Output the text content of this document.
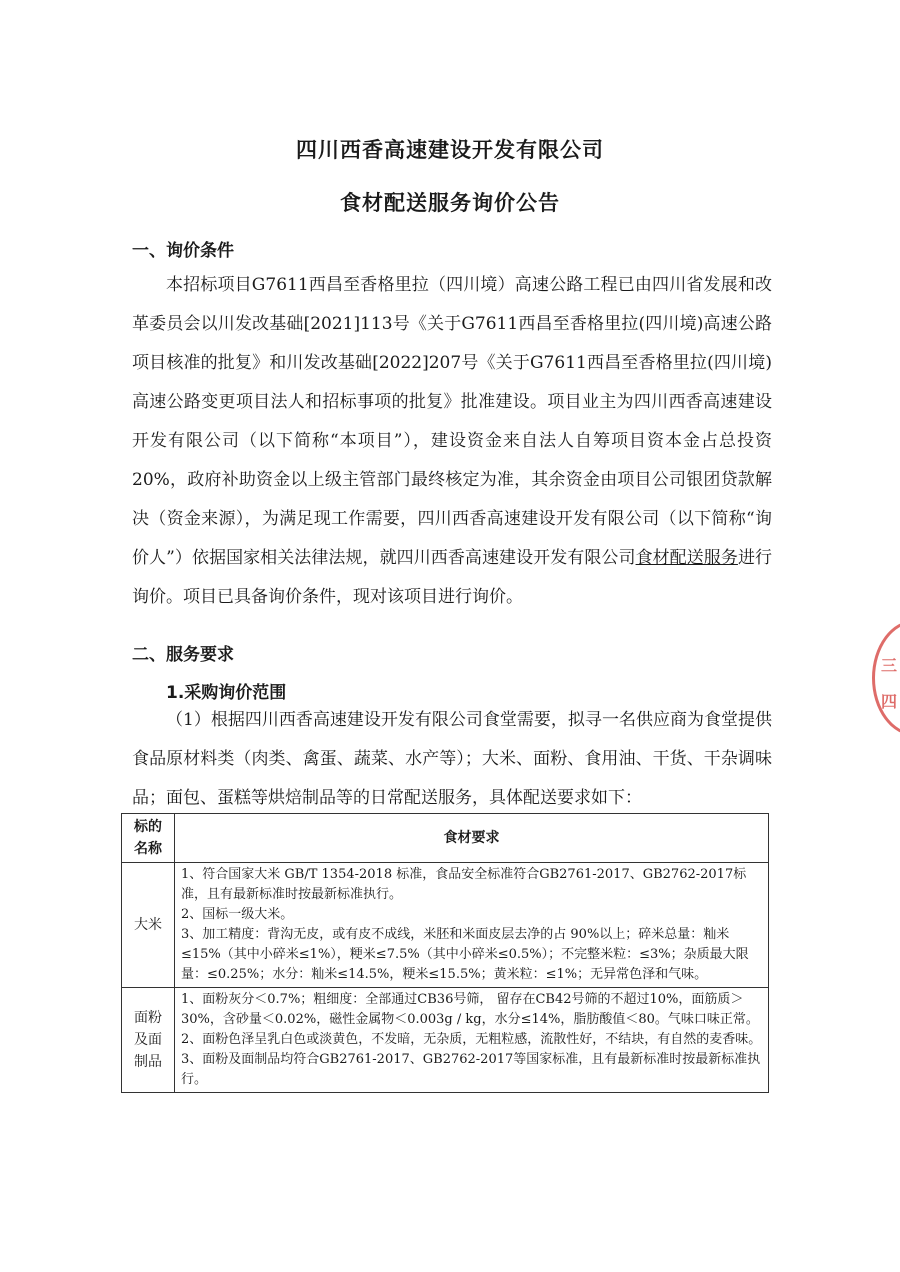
四川西香高速建设开发有限公司
食材配送服务询价公告
一、询价条件

本招标项目G7611西昌至香格里拉（四川境）高速公路工程已由四川省发展和改革委员会以川发改基础[2021]113号《关于G7611西昌至香格里拉(四川境)高速公路项目核准的批复》和川发改基础[2022]207号《关于G7611西昌至香格里拉(四川境)高速公路变更项目法人和招标事项的批复》批准建设。项目业主为四川西香高速建设开发有限公司（以下简称“本项目”），建设资金来自法人自筹项目资本金占总投资20%，政府补助资金以上级主管部门最终核定为准，其余资金由项目公司银团贷款解决（资金来源），为满足现工作需要，四川西香高速建设开发有限公司（以下简称“询价人”）依据国家相关法律法规，就四川西香高速建设开发有限公司食材配送服务进行询价。项目已具备询价条件，现对该项目进行询价。

二、服务要求
1.采购询价范围

（1）根据四川西香高速建设开发有限公司食堂需要，拟寻一名供应商为食堂提供食品原材料类（肉类、禽蛋、蔬菜、水产等）；大米、面粉、食用油、干货、干杂调味品；面包、蛋糕等烘焙制品等的日常配送服务，具体配送要求如下：

标的名称	食材要求
大米	1、符合国家大米 GB/T 1354-2018 标准，食品安全标准符合GB2761-2017、GB2762-2017标准，且有最新标准时按最新标准执行。
2、国标一级大米。
3、加工精度：背沟无皮，或有皮不成线，米胚和米面皮层去净的占 90%以上；碎米总量：籼米≤15%（其中小碎米≤1%），粳米≤7.5%（其中小碎米≤0.5%）；不完整米粒：≤3%；杂质最大限量：≤0.25%；水分：籼米≤14.5%，粳米≤15.5%；黄米粒：≤1%；无异常色泽和气味。

面粉及面制品	1、面粉灰分＜0.7%；粗细度：全部通过CB36号筛， 留存在CB42号筛的不超过10%，面筋质＞30%，含砂量＜0.02%，磁性金属物＜0.003g / kg，水分≤14%，脂肪酸值＜80。气味口味正常。
2、面粉色泽呈乳白色或淡黄色，不发暗，无杂质，无粗粒感，流散性好，不结块，有自然的麦香味。
3、面粉及面制品均符合GB2761-2017、GB2762-2017等国家标准，且有最新标准时按最新标准执行。
三
四
